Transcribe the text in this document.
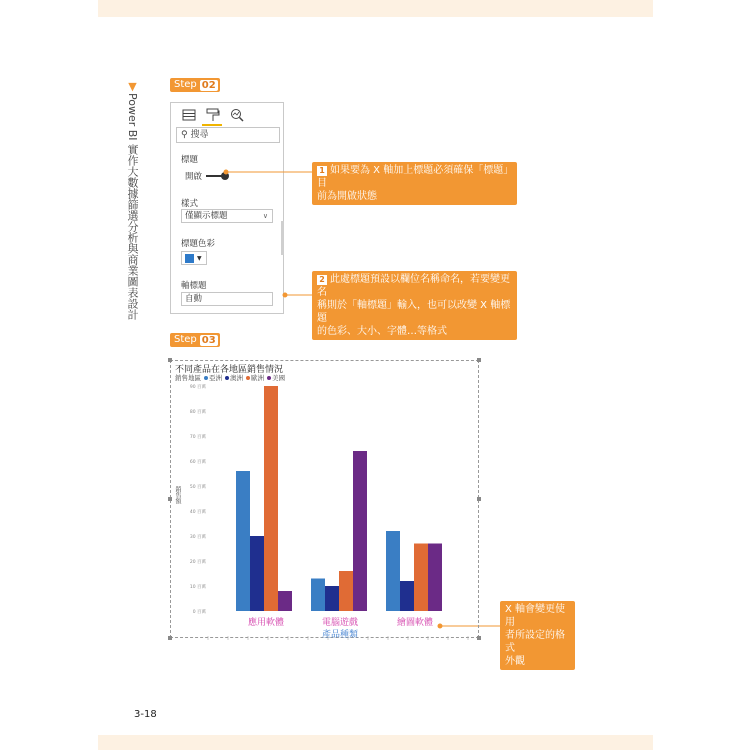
▼Power BI 實作大數據篩選分析與商業圖表設計
Step 02
⚲ 搜尋
標題
開啟
樣式
僅顯示標題	∨
標題色彩
▼
軸標題
自動
1 如果要為 X 軸加上標題必須確保「標題」目
前為開啟狀態
2 此處標題預設以欄位名稱命名，若要變更名
稱則於「軸標題」輸入，也可以改變 X 軸標題
的色彩、大小、字體…等格式
Step 03
不同產品在各地區銷售情況
銷售地區	亞洲	澳洲	歐洲	美國
銷售額
0 百萬
10 百萬
20 百萬
30 百萬
40 百萬
50 百萬
60 百萬
70 百萬
80 百萬
90 百萬
應用軟體	電腦遊戲	繪圖軟體
產品種類
X 軸會變更使用
者所設定的格式
外觀
3-18
